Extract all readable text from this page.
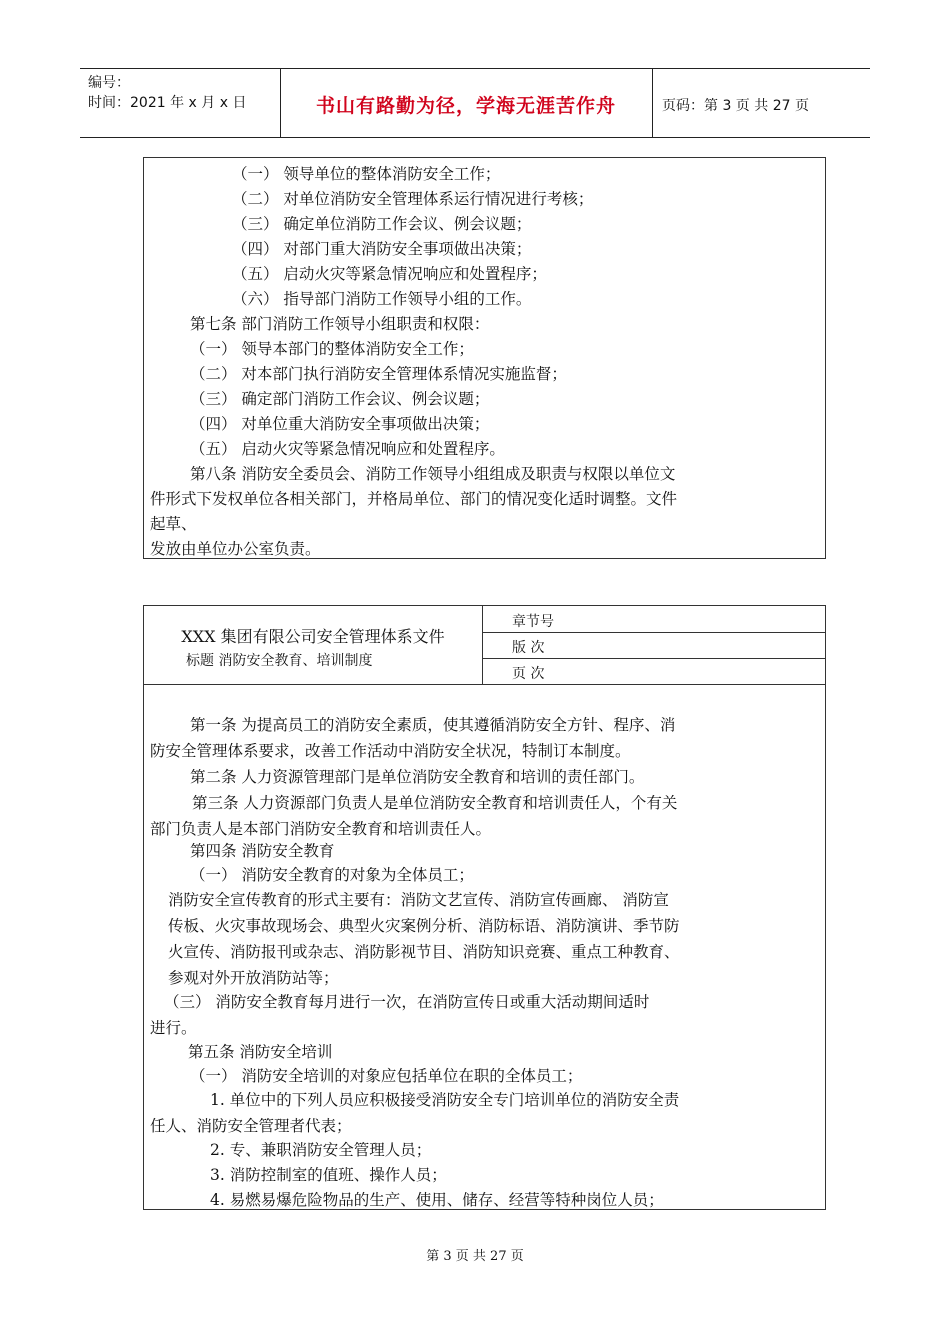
编号：
时间：2021 年 x 月 x 日	书山有路勤为径，学海无涯苦作舟	页码：第 3 页 共 27 页
（一） 领导单位的整体消防安全工作；
（二） 对单位消防安全管理体系运行情况进行考核；
（三） 确定单位消防工作会议、例会议题；
（四） 对部门重大消防安全事项做出决策；
（五） 启动火灾等紧急情况响应和处置程序；
（六） 指导部门消防工作领导小组的工作。
第七条 部门消防工作领导小组职责和权限：
（一） 领导本部门的整体消防安全工作；
（二） 对本部门执行消防安全管理体系情况实施监督；
（三） 确定部门消防工作会议、例会议题；
（四） 对单位重大消防安全事项做出决策；
（五） 启动火灾等紧急情况响应和处置程序。
第八条 消防安全委员会、消防工作领导小组组成及职责与权限以单位文
件形式下发权单位各相关部门，并格局单位、部门的情况变化适时调整。文件
起草、
发放由单位办公室负责。
XXX 集团有限公司安全管理体系文件
标题 消防安全教育、培训制度
章节号
版 次
页 次
第一条 为提高员工的消防安全素质，使其遵循消防安全方针、程序、消
防安全管理体系要求，改善工作活动中消防安全状况，特制订本制度。
第二条 人力资源管理部门是单位消防安全教育和培训的责任部门。
第三条 人力资源部门负责人是单位消防安全教育和培训责任人，个有关
部门负责人是本部门消防安全教育和培训责任人。
第四条 消防安全教育
（一） 消防安全教育的对象为全体员工；
消防安全宣传教育的形式主要有：消防文艺宣传、消防宣传画廊、 消防宣
传板、火灾事故现场会、典型火灾案例分析、消防标语、消防演讲、季节防
火宣传、消防报刊或杂志、消防影视节目、消防知识竞赛、重点工种教育、
参观对外开放消防站等；
（三） 消防安全教育每月进行一次，在消防宣传日或重大活动期间适时
进行。
第五条 消防安全培训
（一） 消防安全培训的对象应包括单位在职的全体员工；
1. 单位中的下列人员应积极接受消防安全专门培训单位的消防安全责
任人、消防安全管理者代表；
2. 专、兼职消防安全管理人员；
3. 消防控制室的值班、操作人员；
4. 易燃易爆危险物品的生产、使用、储存、经营等特种岗位人员；
第 3 页 共 27 页
